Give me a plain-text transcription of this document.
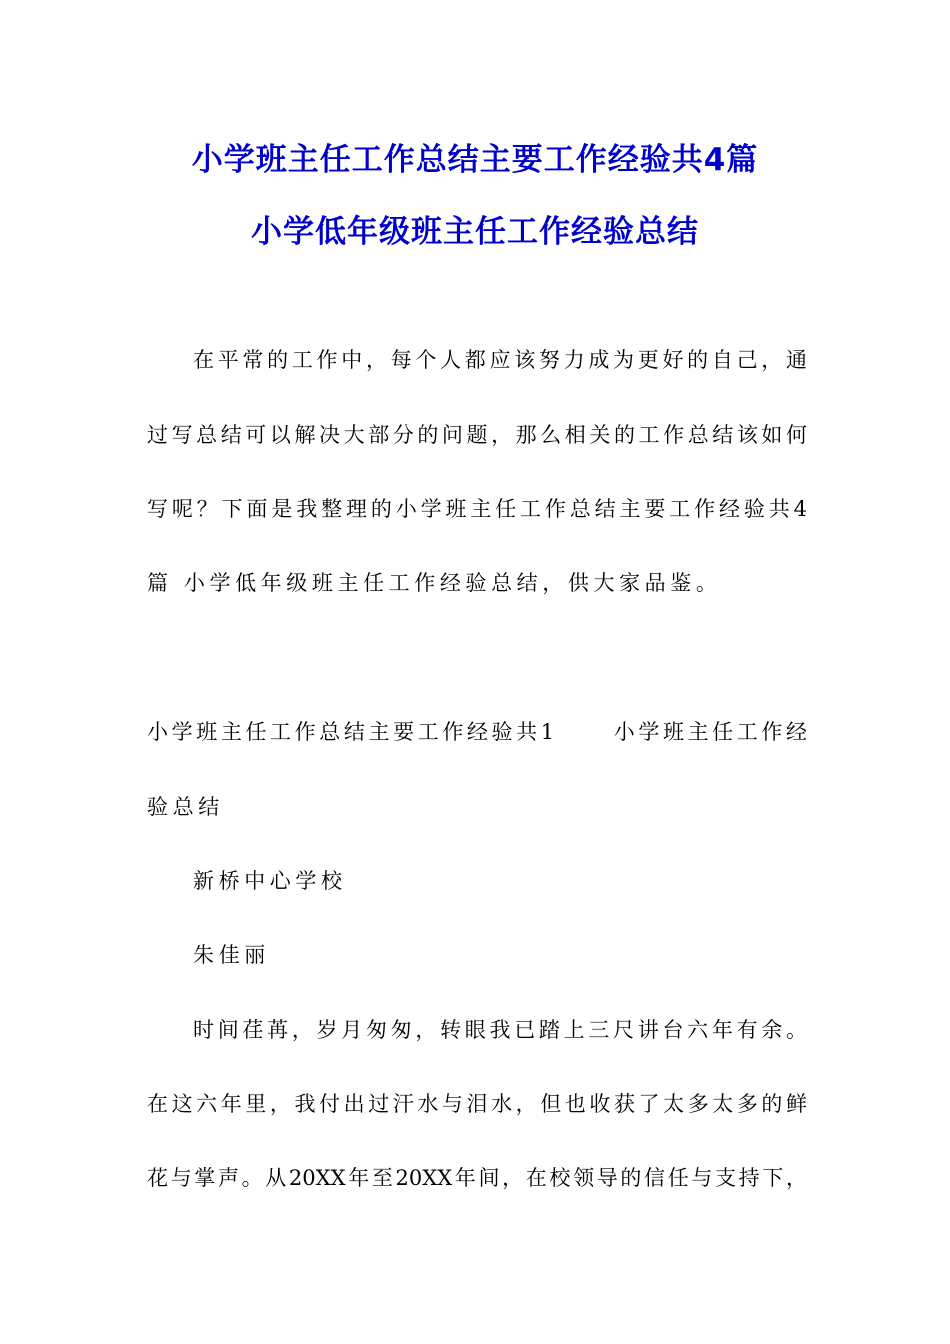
小学班主任工作总结主要工作经验共4篇
小学低年级班主任工作经验总结
在平常的工作中，每个人都应该努力成为更好的自己，通
过写总结可以解决大部分的问题，那么相关的工作总结该如何
写呢？下面是我整理的小学班主任工作总结主要工作经验共4
篇 小学低年级班主任工作经验总结，供大家品鉴。
小学班主任工作总结主要工作经验共1	小学班主任工作经
验总结
新桥中心学校
朱佳丽
时间荏苒，岁月匆匆，转眼我已踏上三尺讲台六年有余。
在这六年里，我付出过汗水与泪水，但也收获了太多太多的鲜
花与掌声。从20XX年至20XX年间，在校领导的信任与支持下，
